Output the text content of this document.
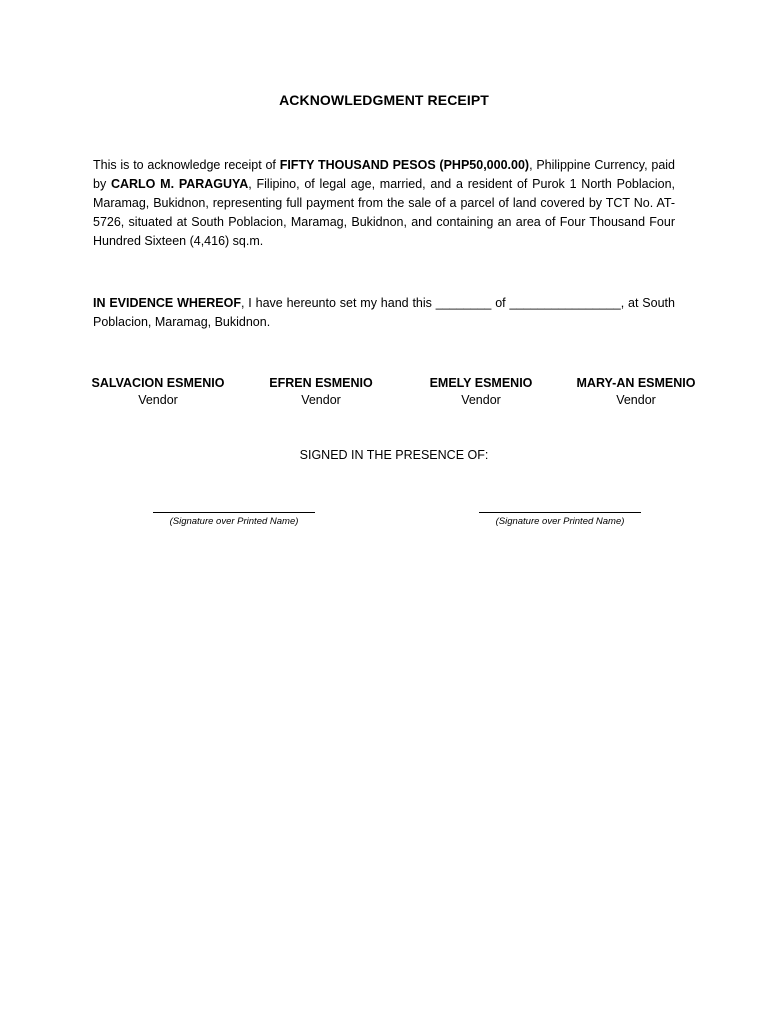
ACKNOWLEDGMENT RECEIPT

This is to acknowledge receipt of FIFTY THOUSAND PESOS (PHP50,000.00), Philippine Currency, paid by CARLO M. PARAGUYA, Filipino, of legal age, married, and a resident of Purok 1 North Poblacion, Maramag, Bukidnon, representing full payment from the sale of a parcel of land covered by TCT No. AT-5726, situated at South Poblacion, Maramag, Bukidnon, and containing an area of Four Thousand Four Hundred Sixteen (4,416) sq.m.

IN EVIDENCE WHEREOF, I have hereunto set my hand this ________ of ________________, at South Poblacion, Maramag, Bukidnon.

SALVACION ESMENIO
Vendor
EFREN ESMENIO
Vendor
EMELY ESMENIO
Vendor
MARY-AN ESMENIO
Vendor
SIGNED IN THE PRESENCE OF:
(Signature over Printed Name)	(Signature over Printed Name)
